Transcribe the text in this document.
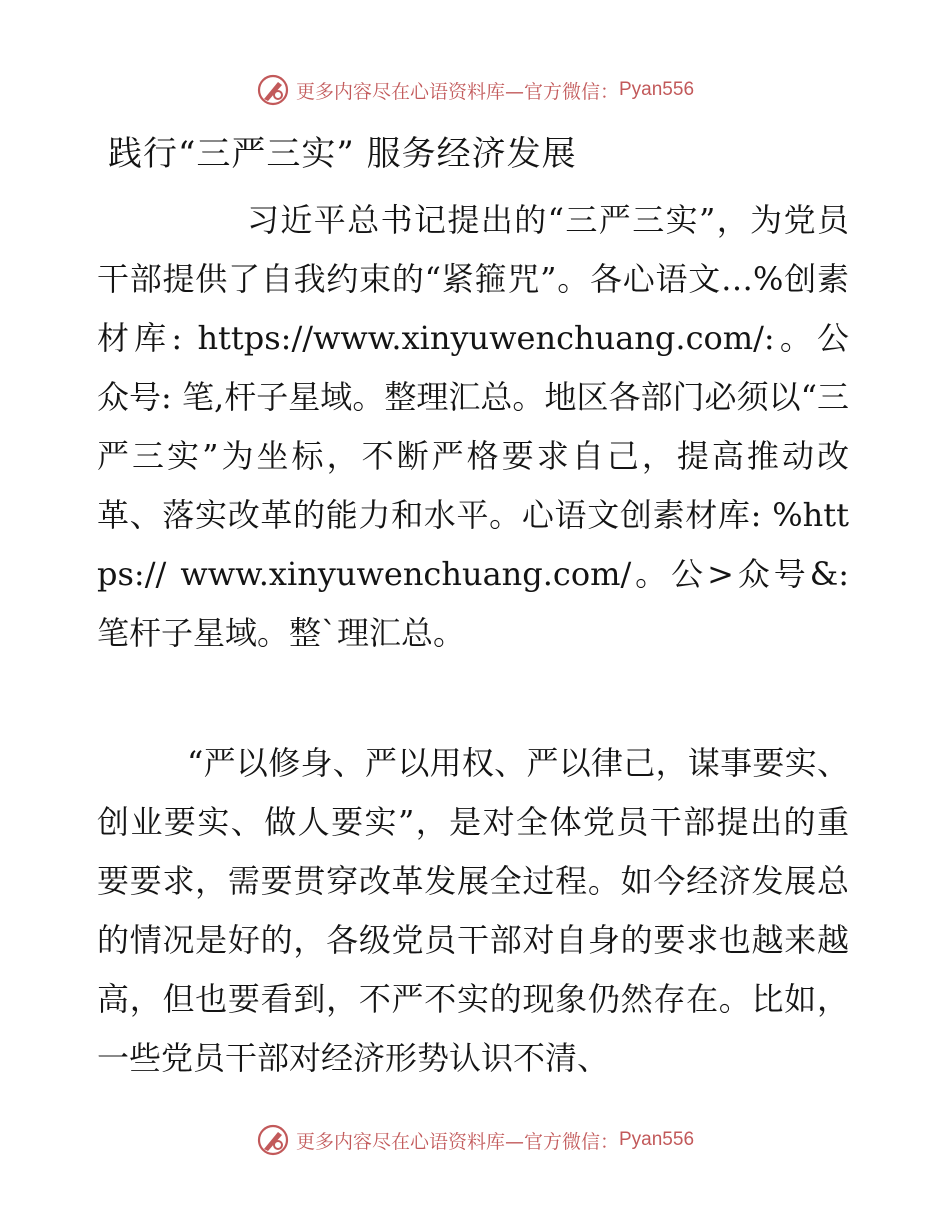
更多内容尽在心语资料库—官方微信： Pyan556
践行“三严三实” 服务经济发展

习近平总书记提出的“三严三实”，为党员干部提供了自我约束的“紧箍咒”。各心语文…%创素材库: https://www.xinyuwenchuang.com/:。公众号: 笔,杆子星域。整理汇总。地区各部门必须以“三严三实”为坐标，不断严格要求自己，提高推动改革、落实改革的能力和水平。心语文创素材库: %https:// www.xinyuwenchuang.com/。公>众号&: 笔杆子星域。整`理汇总。

“严以修身、严以用权、严以律己，谋事要实、创业要实、做人要实”，是对全体党员干部提出的重要要求，需要贯穿改革发展全过程。如今经济发展总的情况是好的，各级党员干部对自身的要求也越来越高，但也要看到，不严不实的现象仍然存在。比如，一些党员干部对经济形势认识不清、

更多内容尽在心语资料库—官方微信： Pyan556
